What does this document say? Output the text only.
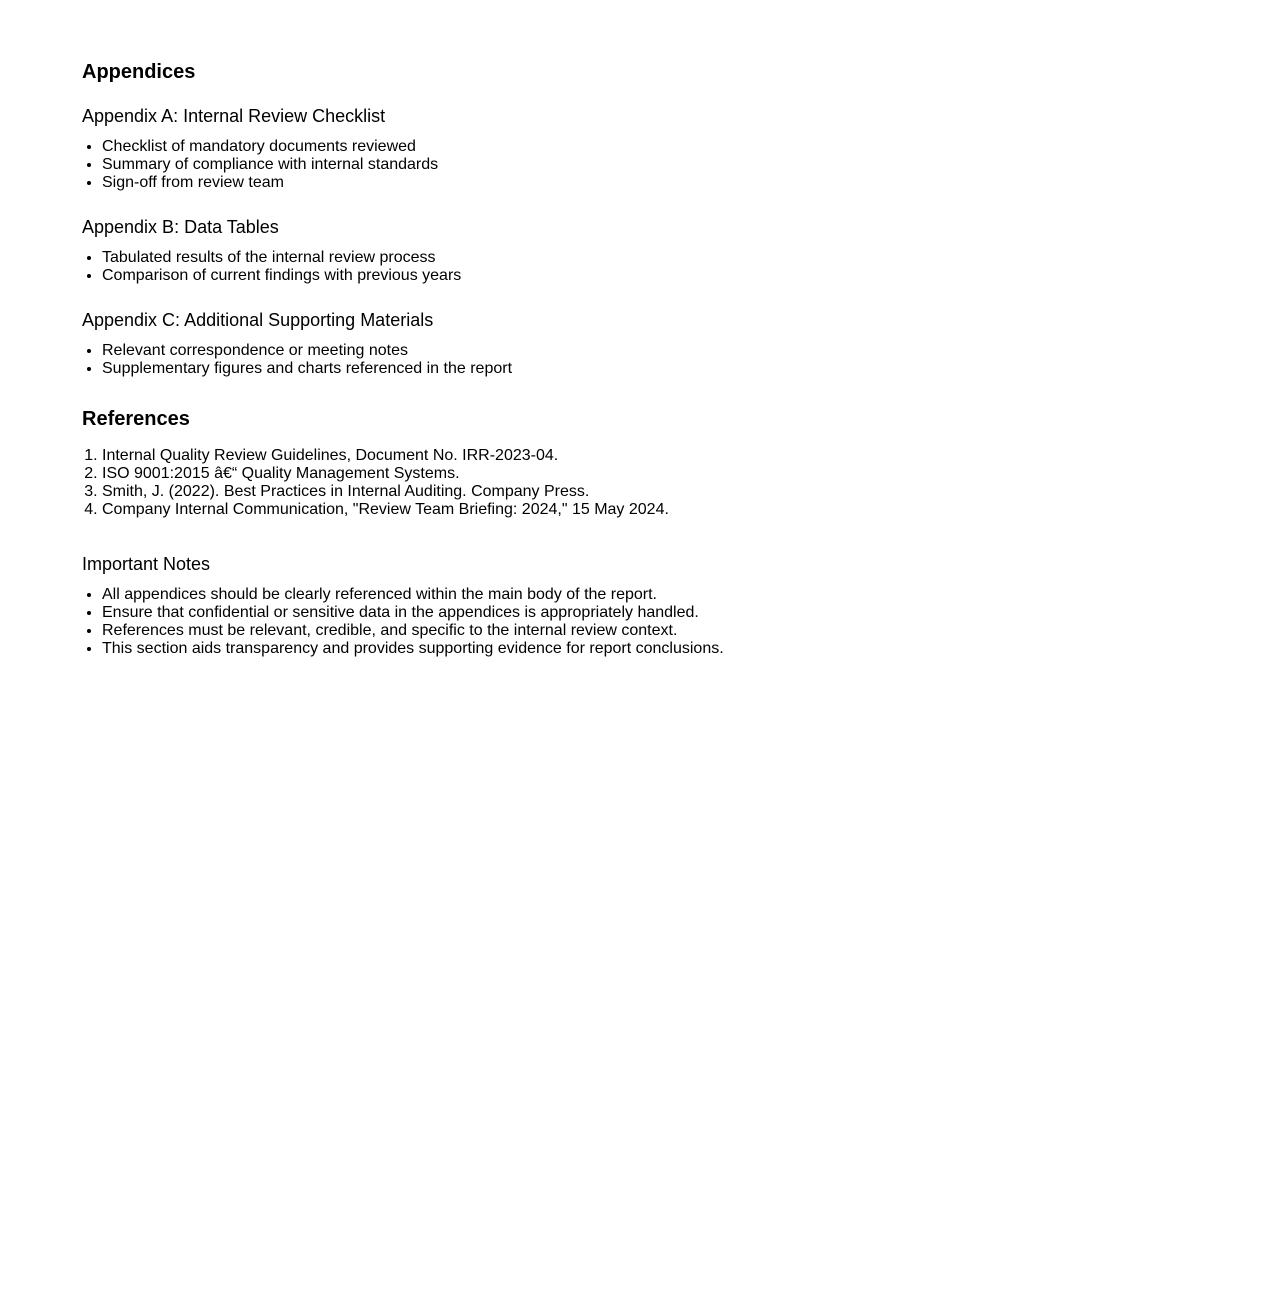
Appendices
Appendix A: Internal Review Checklist
• Checklist of mandatory documents reviewed
• Summary of compliance with internal standards
• Sign-off from review team
Appendix B: Data Tables
• Tabulated results of the internal review process
• Comparison of current findings with previous years
Appendix C: Additional Supporting Materials
• Relevant correspondence or meeting notes
• Supplementary figures and charts referenced in the report
References
1. Internal Quality Review Guidelines, Document No. IRR-2023-04.
2. ISO 9001:2015 â€“ Quality Management Systems.
3. Smith, J. (2022). Best Practices in Internal Auditing. Company Press.
4. Company Internal Communication, "Review Team Briefing: 2024," 15 May 2024.
Important Notes
• All appendices should be clearly referenced within the main body of the report.
• Ensure that confidential or sensitive data in the appendices is appropriately handled.
• References must be relevant, credible, and specific to the internal review context.
• This section aids transparency and provides supporting evidence for report conclusions.
